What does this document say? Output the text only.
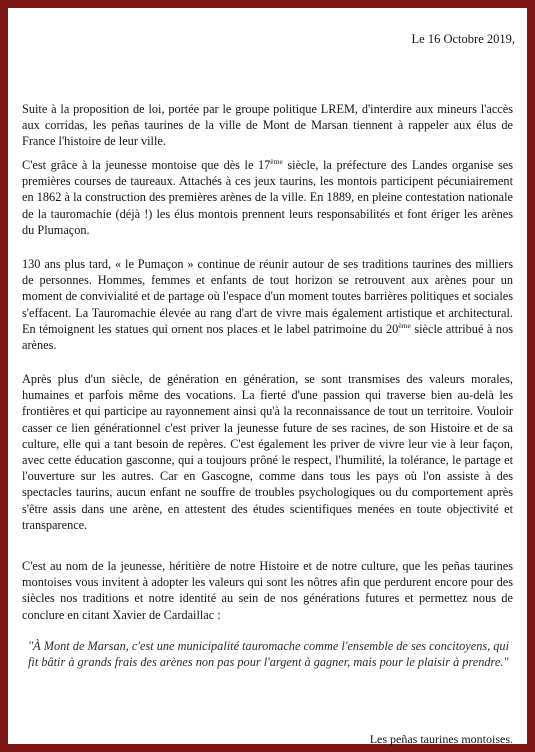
Le 16 Octobre 2019,
Suite à la proposition de loi, portée par le groupe politique LREM, d'interdire aux mineurs l'accès aux corridas, les peñas taurines de la ville de Mont de Marsan tiennent à rappeler aux élus de France l'histoire de leur ville.
C'est grâce à la jeunesse montoise que dès le 17ème siècle, la préfecture des Landes organise ses premières courses de taureaux. Attachés à ces jeux taurins, les montois participent pécuniairement en 1862 à la construction des premières arènes de la ville. En 1889, en pleine contestation nationale de la tauromachie (déjà !) les élus montois prennent leurs responsabilités et font ériger les arènes du Plumaçon.
130 ans plus tard, « le Pumaçon » continue de réunir autour de ses traditions taurines des milliers de personnes. Hommes, femmes et enfants de tout horizon se retrouvent aux arènes pour un moment de convivialité et de partage où l'espace d'un moment toutes barrières politiques et sociales s'effacent. La Tauromachie élevée au rang d'art de vivre mais également artistique et architectural. En témoignent les statues qui ornent nos places et le label patrimoine du 20ème siècle attribué à nos arènes.
Après plus d'un siècle, de génération en génération, se sont transmises des valeurs morales, humaines et parfois même des vocations. La fierté d'une passion qui traverse bien au-delà les frontières et qui participe au rayonnement ainsi qu'à la reconnaissance de tout un territoire. Vouloir casser ce lien générationnel c'est priver la jeunesse future de ses racines, de son Histoire et de sa culture, elle qui a tant besoin de repères. C'est également les priver de vivre leur vie à leur façon, avec cette éducation gasconne, qui a toujours prôné le respect, l'humilité, la tolérance, le partage et l'ouverture sur les autres. Car en Gascogne, comme dans tous les pays où l'on assiste à des spectacles taurins, aucun enfant ne souffre de troubles psychologiques ou du comportement après s'être assis dans une arène, en attestent des études scientifiques menées en toute objectivité et transparence.
C'est au nom de la jeunesse, héritière de notre Histoire et de notre culture, que les peñas taurines montoises vous invitent à adopter les valeurs qui sont les nôtres afin que perdurent encore pour des siècles nos traditions et notre identité au sein de nos générations futures et permettez nous de conclure en citant Xavier de Cardaillac :
"À Mont de Marsan, c'est une municipalité tauromache comme l'ensemble de ses concitoyens, qui fit bâtir à grands frais des arènes non pas pour l'argent à gagner, mais pour le plaisir à prendre."
Les peñas taurines montoises.
